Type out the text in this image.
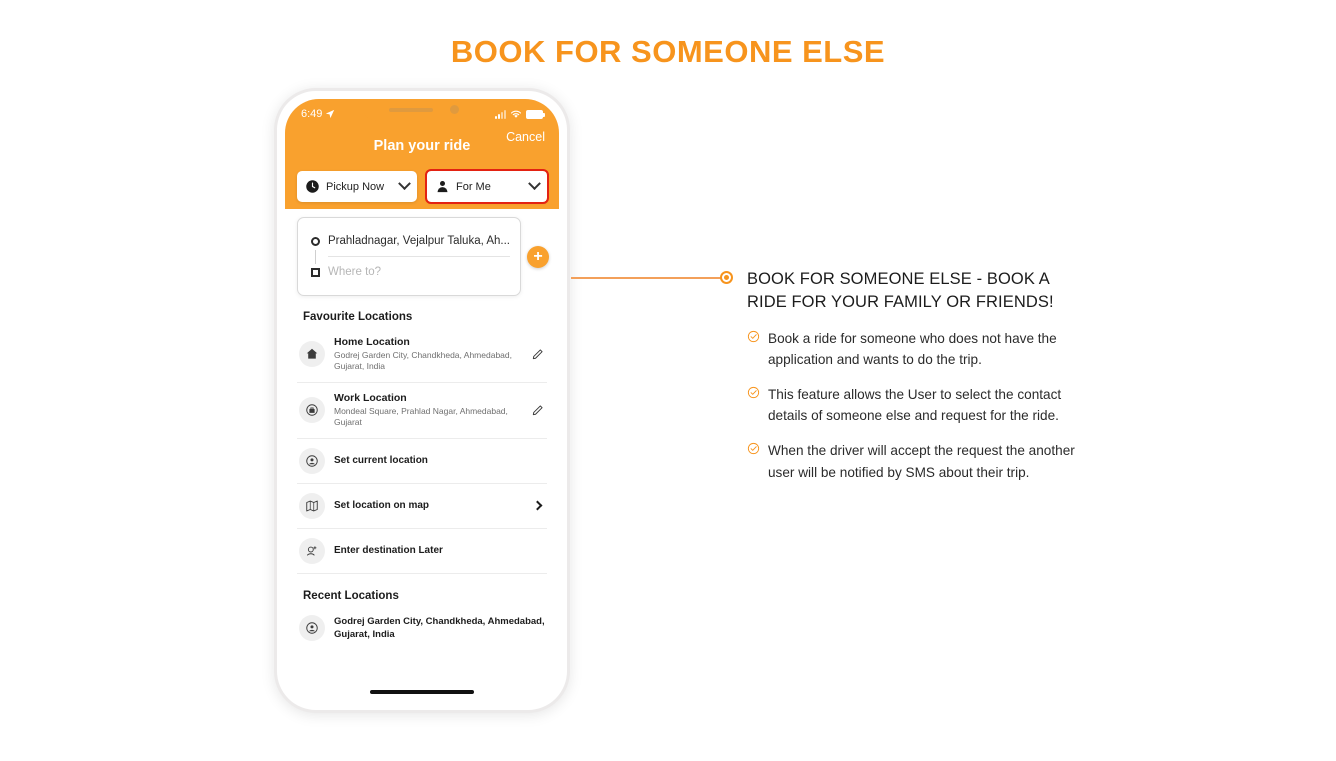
BOOK FOR SOMEONE ELSE
6:49
Plan your ride
Cancel
Pickup Now	For Me
Prahladnagar, Vejalpur Taluka, Ah...
Where to?
+
Favourite Locations
Home Location
Godrej Garden City, Chandkheda, Ahmedabad, Gujarat, India
Work Location
Mondeal Square, Prahlad Nagar, Ahmedabad, Gujarat
Set current location
Set location on map
Enter destination Later
Recent Locations
Godrej Garden City, Chandkheda, Ahmedabad, Gujarat, India
BOOK FOR SOMEONE ELSE - BOOK A RIDE FOR YOUR FAMILY OR FRIENDS!
Book a ride for someone who does not have the application and wants to do the trip.
This feature allows the User to select the contact details of someone else and request for the ride.
When the driver will accept the request the another user will be notified by SMS about their trip.
